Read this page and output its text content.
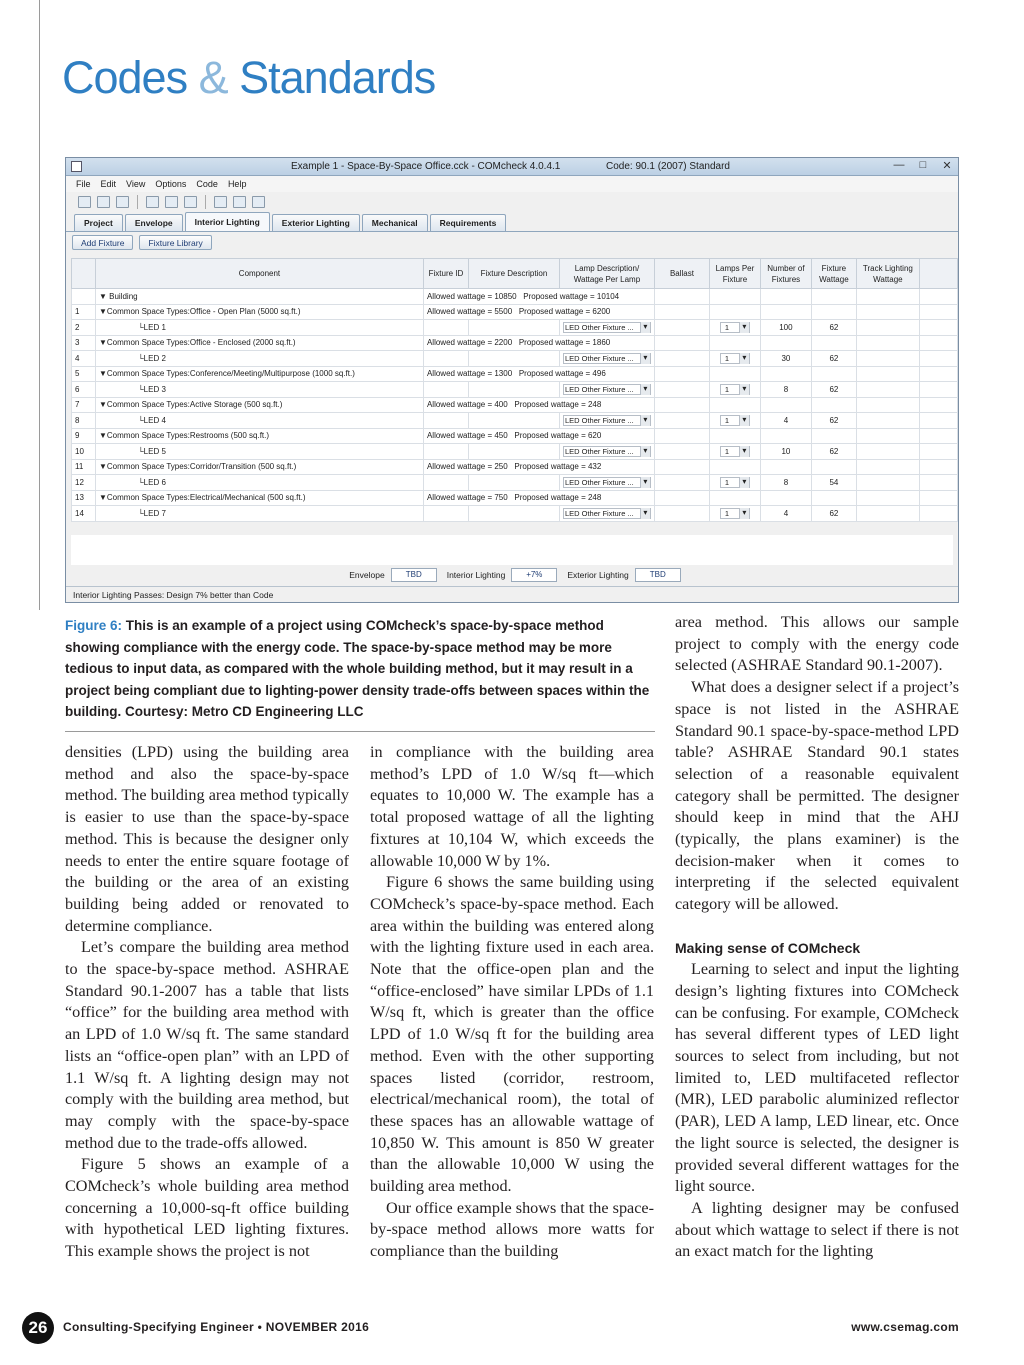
Codes & Standards
Example 1 - Space-By-Space Office.cck - COMcheck 4.0.4.1	Code: 90.1 (2007) Standard	—	□	✕
File Edit View Options Code Help
Project	Envelope	Interior Lighting	Exterior Lighting	Mechanical	Requirements
Add Fixture	Fixture Library
	Component	Fixture ID	Fixture Description	Lamp Description/ Wattage Per Lamp	Ballast	Lamps Per Fixture	Number of Fixtures	Fixture Wattage	Track Lighting Wattage	
	▼ Building	Allowed wattage = 10850 Proposed wattage = 10104								
1	▼Common Space Types:Office - Open Plan (5000 sq.ft.)	Allowed wattage = 5500 Proposed wattage = 6200								
2	└LED 1			LED Other Fixture ... ▾		1 ▾	100	62		
3	▼Common Space Types:Office - Enclosed (2000 sq.ft.)	Allowed wattage = 2200 Proposed wattage = 1860								
4	└LED 2			LED Other Fixture ... ▾		1 ▾	30	62		
5	▼Common Space Types:Conference/Meeting/Multipurpose (1000 sq.ft.)	Allowed wattage = 1300 Proposed wattage = 496								
6	└LED 3			LED Other Fixture ... ▾		1 ▾	8	62		
7	▼Common Space Types:Active Storage (500 sq.ft.)	Allowed wattage = 400 Proposed wattage = 248								
8	└LED 4			LED Other Fixture ... ▾		1 ▾	4	62		
9	▼Common Space Types:Restrooms (500 sq.ft.)	Allowed wattage = 450 Proposed wattage = 620								
10	└LED 5			LED Other Fixture ... ▾		1 ▾	10	62		
11	▼Common Space Types:Corridor/Transition (500 sq.ft.)	Allowed wattage = 250 Proposed wattage = 432								
12	└LED 6			LED Other Fixture ... ▾		1 ▾	8	54		
13	▼Common Space Types:Electrical/Mechanical (500 sq.ft.)	Allowed wattage = 750 Proposed wattage = 248								
14	└LED 7			LED Other Fixture ... ▾		1 ▾	4	62		
Envelope	TBD	Interior Lighting	+7%	Exterior Lighting	TBD
Interior Lighting Passes: Design 7% better than Code
Figure 6: This is an example of a project using COMcheck’s space-by-space method showing compliance with the energy code. The space-by-space method may be more tedious to input data, as compared with the whole building method, but it may result in a project being compliant due to lighting-power density trade-offs between spaces within the building. Courtesy: Metro CD Engineering LLC

densities (LPD) using the building area method and also the space-by-space method. The building area method typically is easier to use than the space-by-space method. This is because the designer only needs to enter the entire square footage of the building or the area of an existing building being added or renovated to determine compliance.

Let’s compare the building area method to the space-by-space method. ASHRAE Standard 90.1-2007 has a table that lists “office” for the building area method with an LPD of 1.0 W/sq ft. The same standard lists an “office-open plan” with an LPD of 1.1 W/sq ft. A lighting design may not comply with the building area method, but may comply with the space-by-space method due to the trade-offs allowed.

Figure 5 shows an example of a COMcheck’s whole building area method concerning a 10,000-sq-ft office building with hypothetical LED lighting fixtures. This example shows the project is not

in compliance with the building area method’s LPD of 1.0 W/sq ft—which equates to 10,000 W. The example has a total proposed wattage of all the lighting fixtures at 10,104 W, which exceeds the allowable 10,000 W by 1%.

Figure 6 shows the same building using COMcheck’s space-by-space method. Each area within the building was entered along with the lighting fixture used in each area. Note that the office-open plan and the “office-enclosed” have similar LPDs of 1.1 W/sq ft, which is greater than the office LPD of 1.0 W/sq ft for the building area method. Even with the other supporting spaces listed (corridor, restroom, electrical/mechanical room), the total of these spaces has an allowable wattage of 10,850 W. This amount is 850 W greater than the allowable 10,000 W using the building area method.

Our office example shows that the space-by-space method allows more watts for compliance than the building

area method. This allows our sample project to comply with the energy code selected (ASHRAE Standard 90.1-2007).

What does a designer select if a project’s space is not listed in the ASHRAE Standard 90.1 space-by-space-method LPD table? ASHRAE Standard 90.1 states selection of a reasonable equivalent category shall be permitted. The designer should keep in mind that the AHJ (typically, the plans examiner) is the decision-maker when it comes to interpreting if the selected equivalent category will be allowed.

Making sense of COMcheck

Learning to select and input the lighting design’s lighting fixtures into COMcheck can be confusing. For example, COMcheck has several different types of LED light sources to select from including, but not limited to, LED multifaceted reflector (MR), LED parabolic aluminized reflector (PAR), LED A lamp, LED linear, etc. Once the light source is selected, the designer is provided several different wattages for the light source.

A lighting designer may be confused about which wattage to select if there is not an exact match for the lighting

26	Consulting-Specifying Engineer • NOVEMBER 2016	www.csemag.com
